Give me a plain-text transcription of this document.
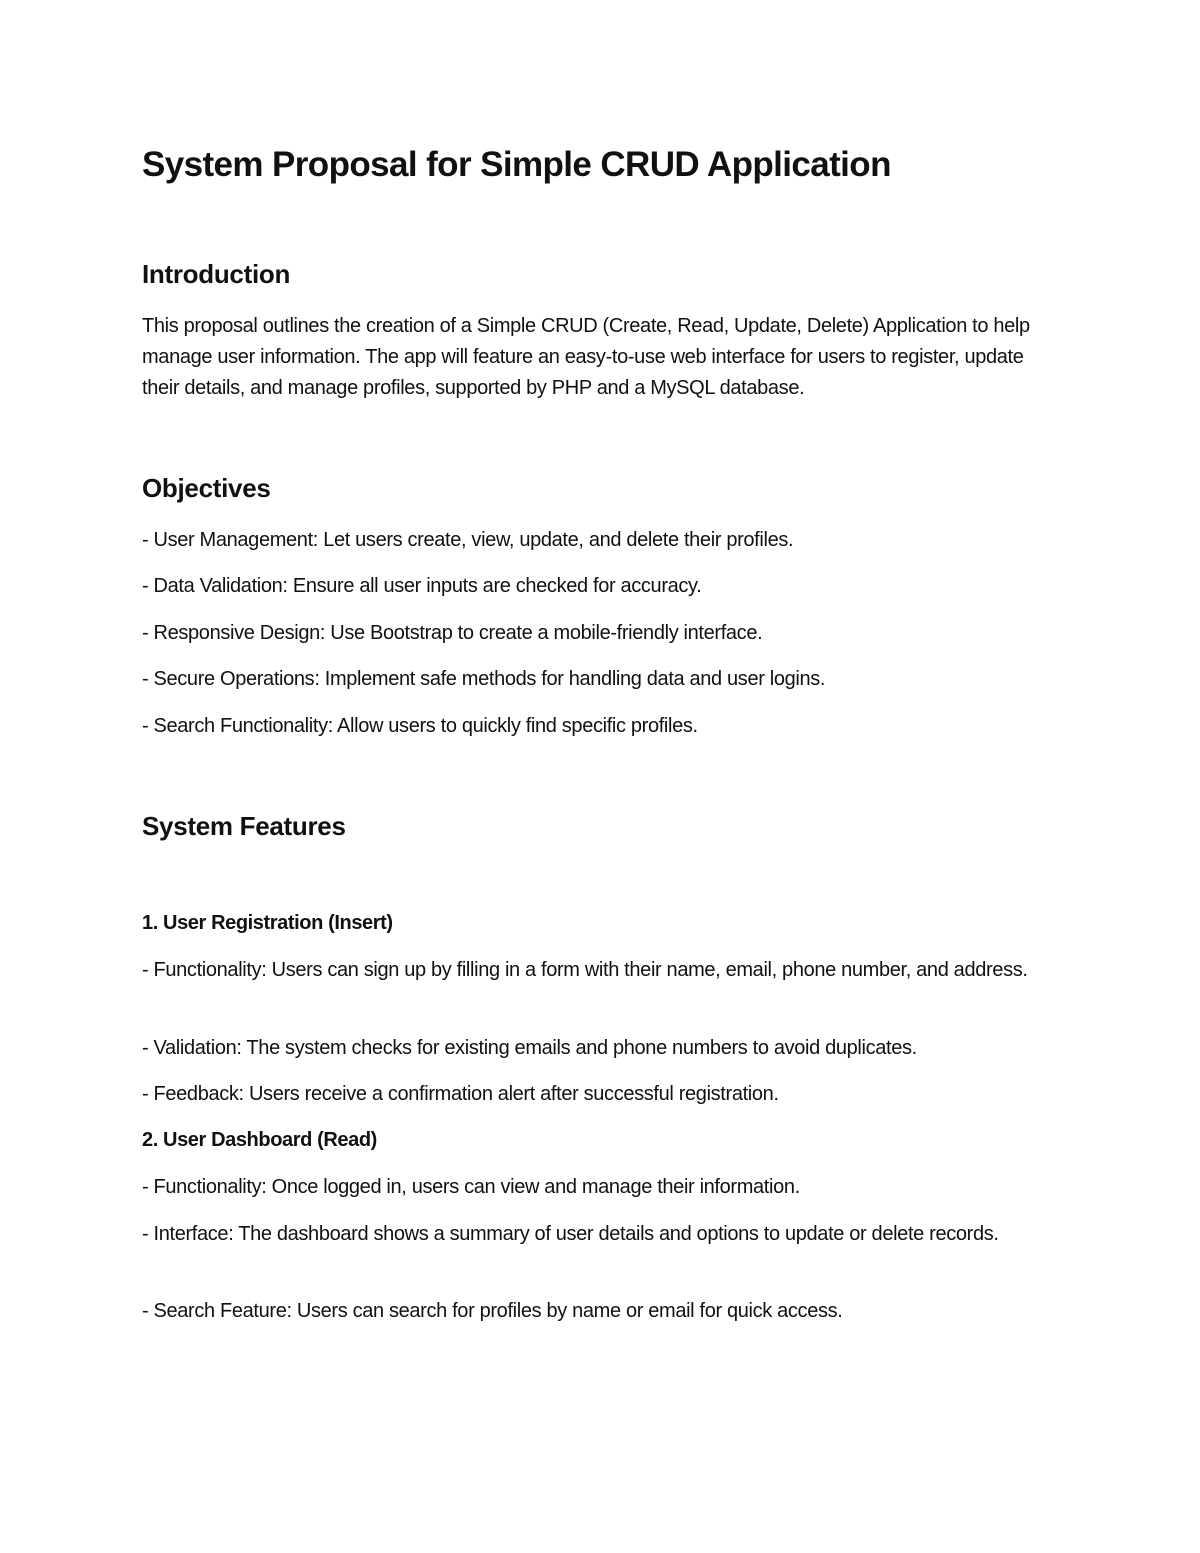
System Proposal for Simple CRUD Application
Introduction

This proposal outlines the creation of a Simple CRUD (Create, Read, Update, Delete) Application to help manage user information. The app will feature an easy-to-use web interface for users to register, update their details, and manage profiles, supported by PHP and a MySQL database.

Objectives

- User Management: Let users create, view, update, and delete their profiles.

- Data Validation: Ensure all user inputs are checked for accuracy.

- Responsive Design: Use Bootstrap to create a mobile-friendly interface.

- Secure Operations: Implement safe methods for handling data and user logins.

- Search Functionality: Allow users to quickly find specific profiles.

System Features
1. User Registration (Insert)

- Functionality: Users can sign up by filling in a form with their name, email, phone number, and address.

- Validation: The system checks for existing emails and phone numbers to avoid duplicates.

- Feedback: Users receive a confirmation alert after successful registration.

2. User Dashboard (Read)

- Functionality: Once logged in, users can view and manage their information.

- Interface: The dashboard shows a summary of user details and options to update or delete records.

- Search Feature: Users can search for profiles by name or email for quick access.
